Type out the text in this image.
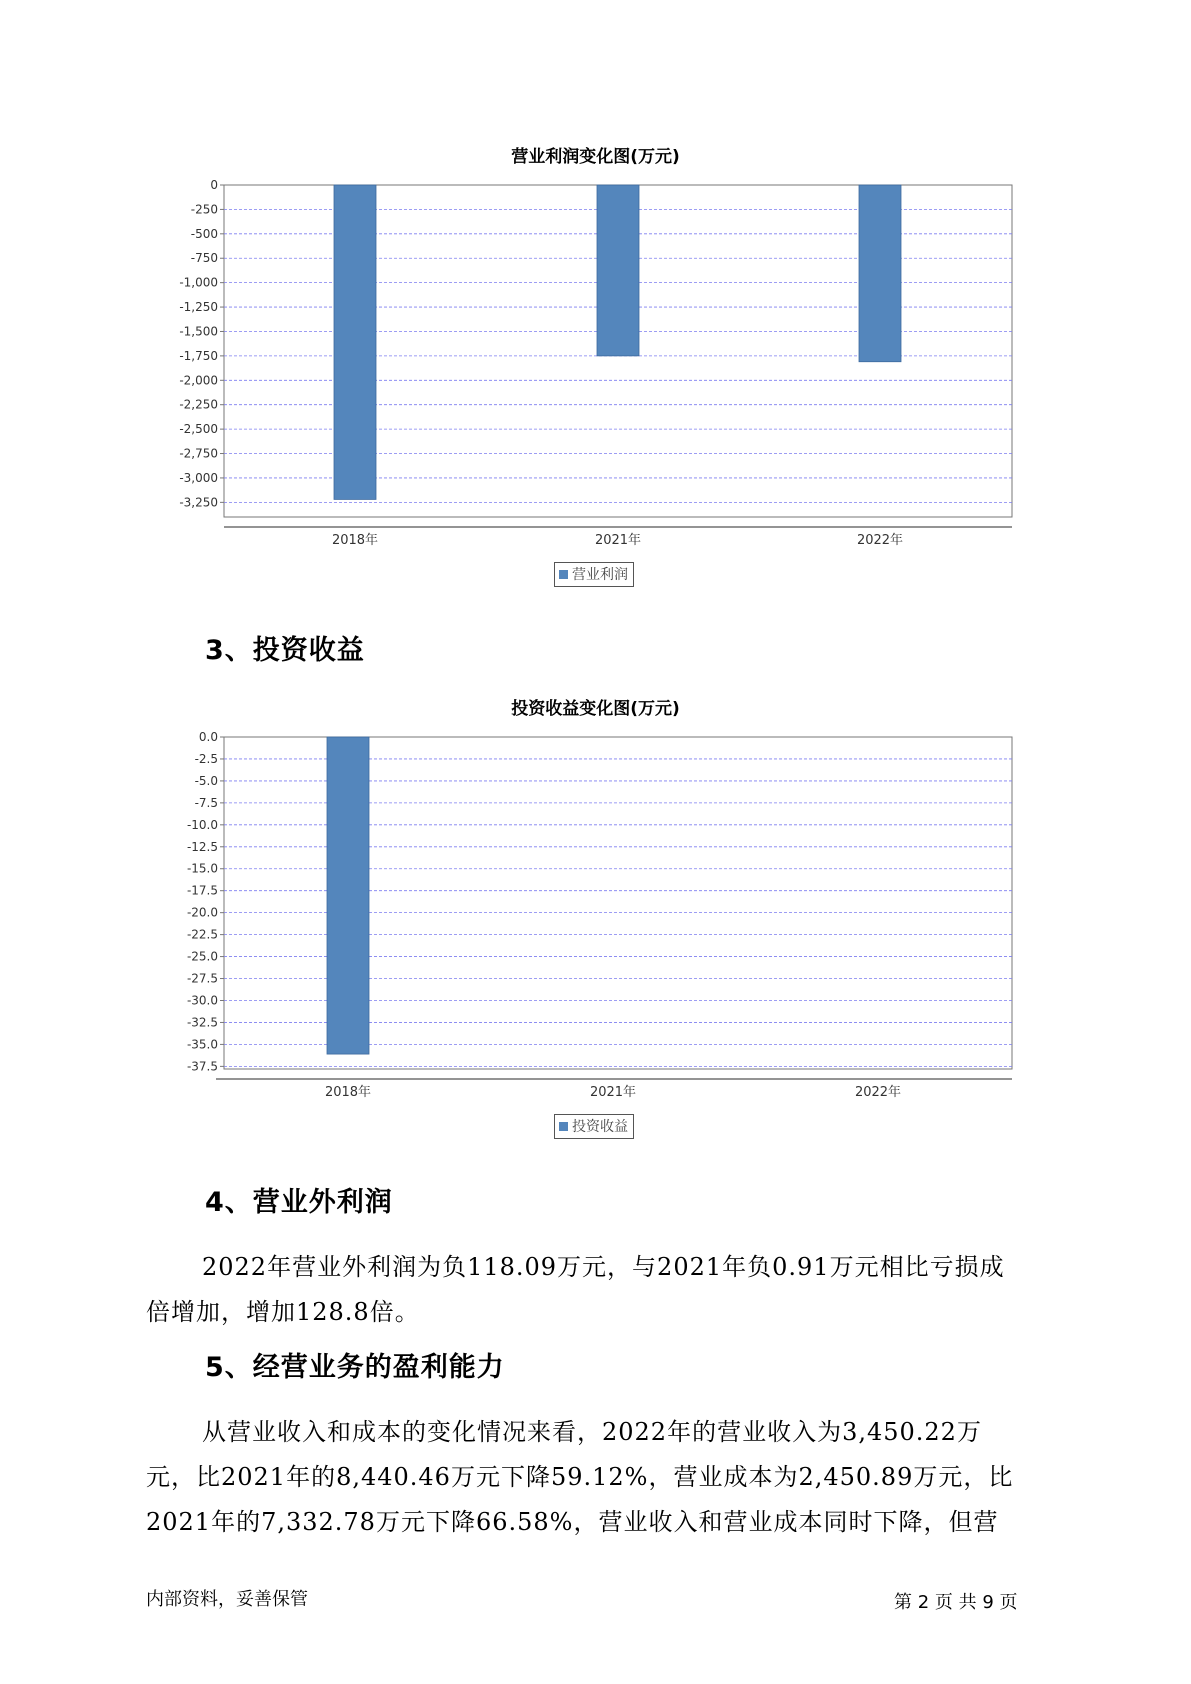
营业利润变化图(万元)
0
-250
-500
-750
-1,000
-1,250
-1,500
-1,750
-2,000
-2,250
-2,500
-2,750
-3,000
-3,250
2018年	2021年	2022年
营业利润
3、投资收益
投资收益变化图(万元)
0.0
-2.5
-5.0
-7.5
-10.0
-12.5
-15.0
-17.5
-20.0
-22.5
-25.0
-27.5
-30.0
-32.5
-35.0
-37.5
2018年	2021年	2022年
投资收益
4、营业外利润
2022年营业外利润为负118.09万元，与2021年负0.91万元相比亏损成
倍增加，增加128.8倍。
5、经营业务的盈利能力
从营业收入和成本的变化情况来看，2022年的营业收入为3,450.22万
元，比2021年的8,440.46万元下降59.12%，营业成本为2,450.89万元，比
2021年的7,332.78万元下降66.58%，营业收入和营业成本同时下降，但营
内部资料，妥善保管	第 2 页 共 9 页
